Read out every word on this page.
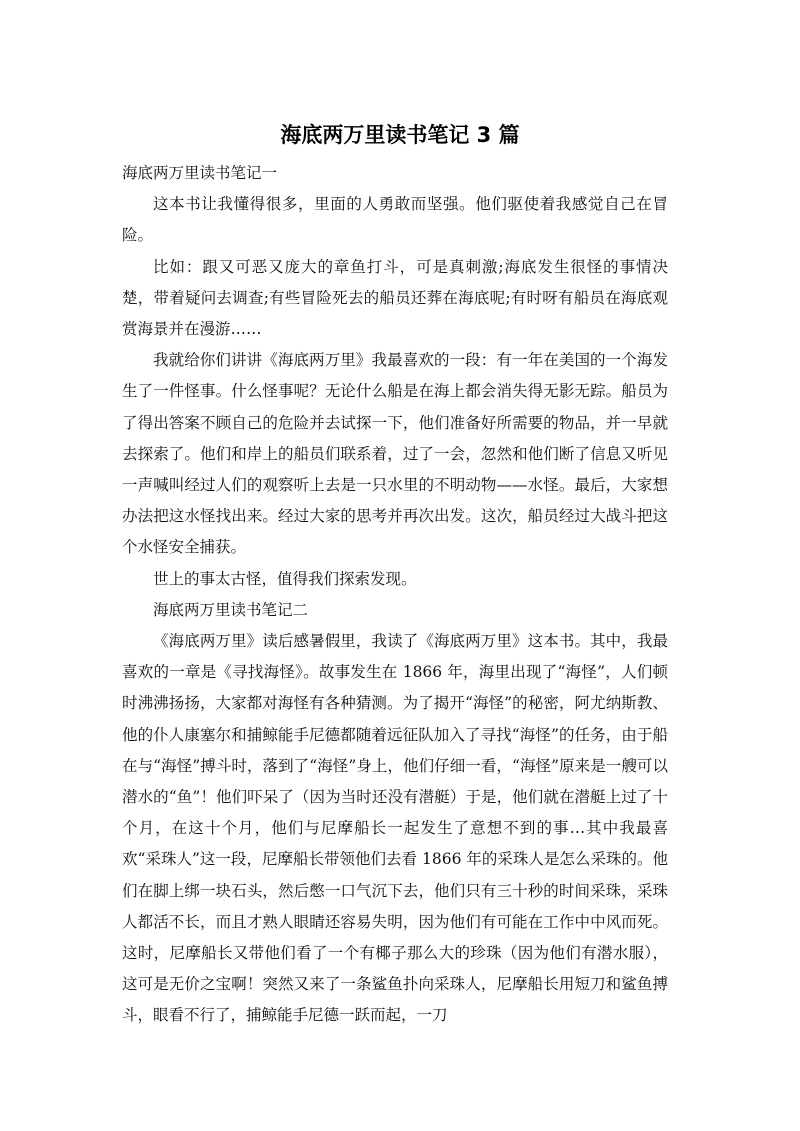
海底两万里读书笔记 3 篇

海底两万里读书笔记一

这本书让我懂得很多，里面的人勇敢而坚强。他们驱使着我感觉自己在冒险。

比如：跟又可恶又庞大的章鱼打斗，可是真刺激;海底发生很怪的事情决楚，带着疑问去调查;有些冒险死去的船员还葬在海底呢;有时呀有船员在海底观赏海景并在漫游……

我就给你们讲讲《海底两万里》我最喜欢的一段：有一年在美国的一个海发生了一件怪事。什么怪事呢？无论什么船是在海上都会消失得无影无踪。船员为了得出答案不顾自己的危险并去试探一下，他们准备好所需要的物品，并一早就去探索了。他们和岸上的船员们联系着，过了一会，忽然和他们断了信息又听见一声喊叫经过人们的观察听上去是一只水里的不明动物——水怪。最后，大家想办法把这水怪找出来。经过大家的思考并再次出发。这次，船员经过大战斗把这个水怪安全捕获。

世上的事太古怪，值得我们探索发现。

海底两万里读书笔记二

《海底两万里》读后感暑假里，我读了《海底两万里》这本书。其中，我最喜欢的一章是《寻找海怪》。故事发生在 1866 年，海里出现了“海怪”，人们顿时沸沸扬扬，大家都对海怪有各种猜测。为了揭开“海怪”的秘密，阿尤纳斯教、他的仆人康塞尔和捕鲸能手尼德都随着远征队加入了寻找“海怪”的任务，由于船在与“海怪”搏斗时，落到了“海怪”身上，他们仔细一看，“海怪”原来是一艘可以潜水的“鱼”！他们吓呆了（因为当时还没有潜艇）于是，他们就在潜艇上过了十个月，在这十个月，他们与尼摩船长一起发生了意想不到的事…其中我最喜欢“采珠人”这一段，尼摩船长带领他们去看 1866 年的采珠人是怎么采珠的。他们在脚上绑一块石头，然后憋一口气沉下去，他们只有三十秒的时间采珠，采珠人都活不长，而且才熟人眼睛还容易失明，因为他们有可能在工作中中风而死。这时，尼摩船长又带他们看了一个有椰子那么大的珍珠（因为他们有潜水服），这可是无价之宝啊！突然又来了一条鲨鱼扑向采珠人，尼摩船长用短刀和鲨鱼搏斗，眼看不行了，捕鲸能手尼德一跃而起，一刀
